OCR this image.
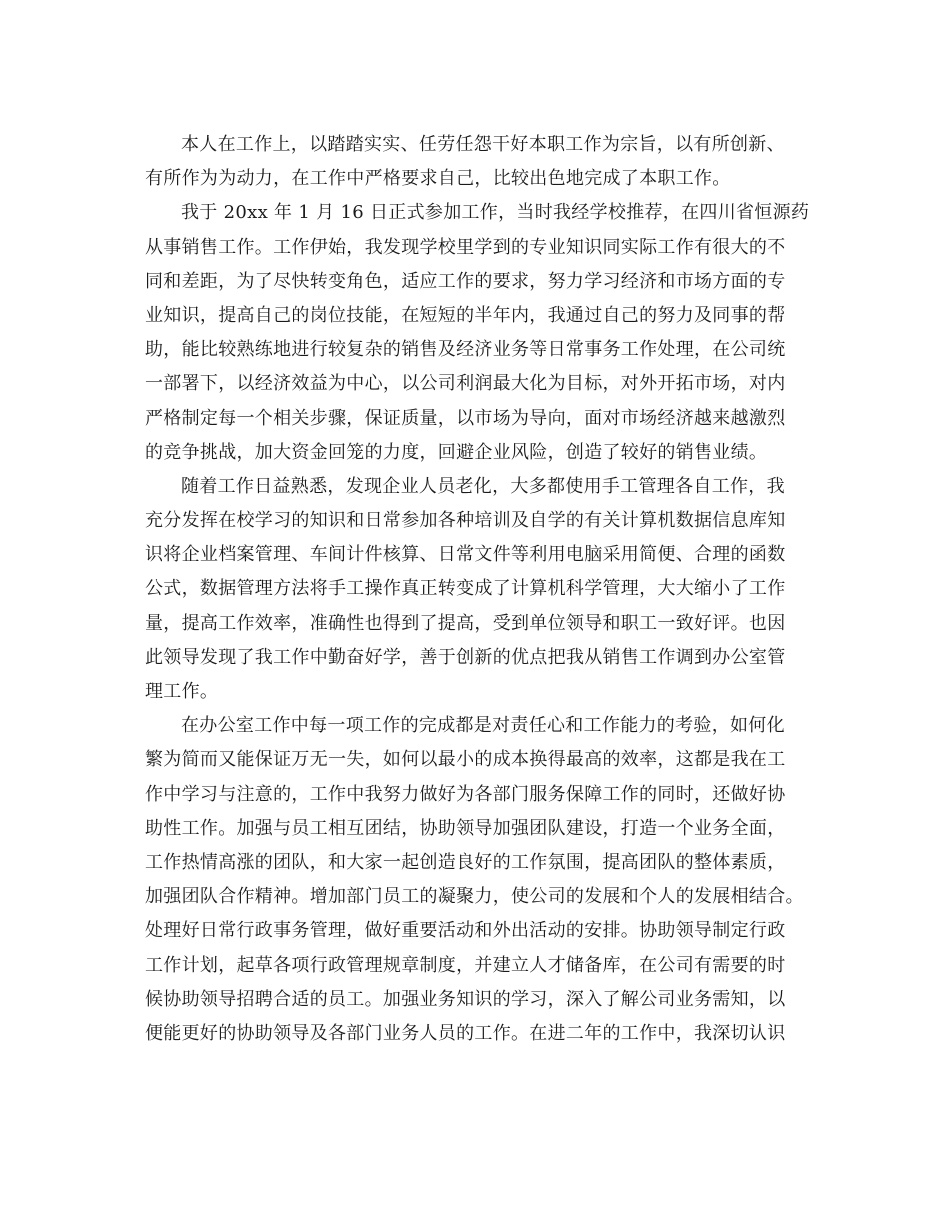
本人在工作上，以踏踏实实、任劳任怨干好本职工作为宗旨，以有所创新、
有所作为为动力，在工作中严格要求自己，比较出色地完成了本职工作。
我于 20xx 年 1 月 16 日正式参加工作，当时我经学校推荐，在四川省恒源药
从事销售工作。工作伊始，我发现学校里学到的专业知识同实际工作有很大的不
同和差距，为了尽快转变角色，适应工作的要求，努力学习经济和市场方面的专
业知识，提高自己的岗位技能，在短短的半年内，我通过自己的努力及同事的帮
助，能比较熟练地进行较复杂的销售及经济业务等日常事务工作处理，在公司统
一部署下，以经济效益为中心，以公司利润最大化为目标，对外开拓市场，对内
严格制定每一个相关步骤，保证质量，以市场为导向，面对市场经济越来越激烈
的竞争挑战，加大资金回笼的力度，回避企业风险，创造了较好的销售业绩。
随着工作日益熟悉，发现企业人员老化，大多都使用手工管理各自工作，我
充分发挥在校学习的知识和日常参加各种培训及自学的有关计算机数据信息库知
识将企业档案管理、车间计件核算、日常文件等利用电脑采用简便、合理的函数
公式，数据管理方法将手工操作真正转变成了计算机科学管理，大大缩小了工作
量，提高工作效率，准确性也得到了提高，受到单位领导和职工一致好评。也因
此领导发现了我工作中勤奋好学，善于创新的优点把我从销售工作调到办公室管
理工作。
在办公室工作中每一项工作的完成都是对责任心和工作能力的考验，如何化
繁为简而又能保证万无一失，如何以最小的成本换得最高的效率，这都是我在工
作中学习与注意的，工作中我努力做好为各部门服务保障工作的同时，还做好协
助性工作。加强与员工相互团结，协助领导加强团队建设，打造一个业务全面，
工作热情高涨的团队，和大家一起创造良好的工作氛围，提高团队的整体素质，
加强团队合作精神。增加部门员工的凝聚力，使公司的发展和个人的发展相结合。
处理好日常行政事务管理，做好重要活动和外出活动的安排。协助领导制定行政
工作计划，起草各项行政管理规章制度，并建立人才储备库，在公司有需要的时
候协助领导招聘合适的员工。加强业务知识的学习，深入了解公司业务需知，以
便能更好的协助领导及各部门业务人员的工作。在进二年的工作中，我深切认识
